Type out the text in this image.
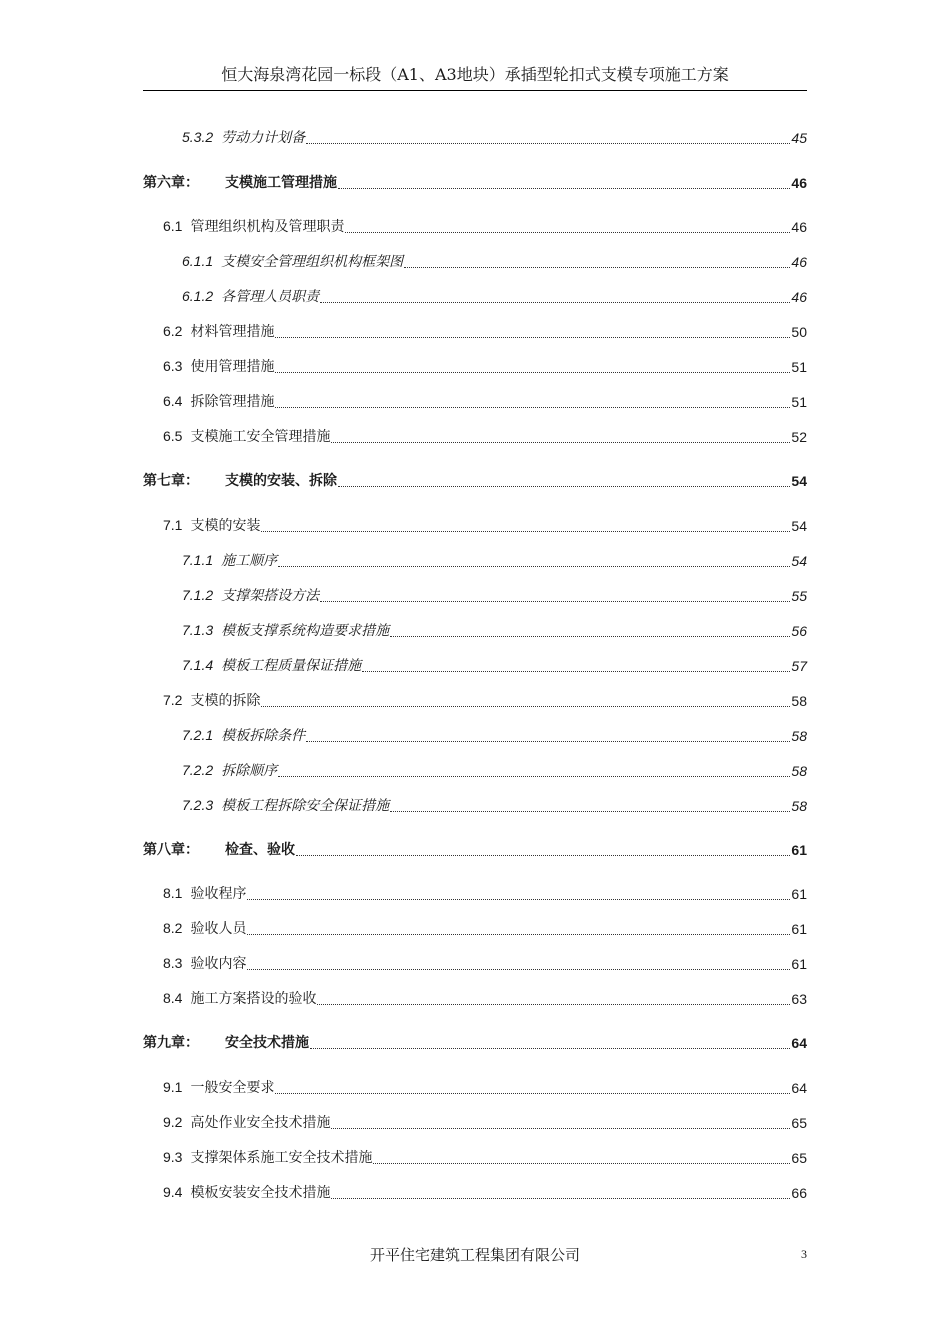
恒大海泉湾花园一标段（A1、A3地块）承插型轮扣式支模专项施工方案
5.3.2 劳动力计划备	45
第六章： 支模施工管理措施	46
6.1 管理组织机构及管理职责	46
6.1.1 支模安全管理组织机构框架图	46
6.1.2 各管理人员职责	46
6.2 材料管理措施	50
6.3 使用管理措施	51
6.4 拆除管理措施	51
6.5 支模施工安全管理措施	52
第七章： 支模的安装、拆除	54
7.1 支模的安装	54
7.1.1 施工顺序	54
7.1.2 支撑架搭设方法	55
7.1.3 模板支撑系统构造要求措施	56
7.1.4 模板工程质量保证措施	57
7.2 支模的拆除	58
7.2.1 模板拆除条件	58
7.2.2 拆除顺序	58
7.2.3 模板工程拆除安全保证措施	58
第八章： 检查、验收	61
8.1 验收程序	61
8.2 验收人员	61
8.3 验收内容	61
8.4 施工方案搭设的验收	63
第九章： 安全技术措施	64
9.1 一般安全要求	64
9.2 高处作业安全技术措施	65
9.3 支撑架体系施工安全技术措施	65
9.4 模板安装安全技术措施	66
开平住宅建筑工程集团有限公司	3
